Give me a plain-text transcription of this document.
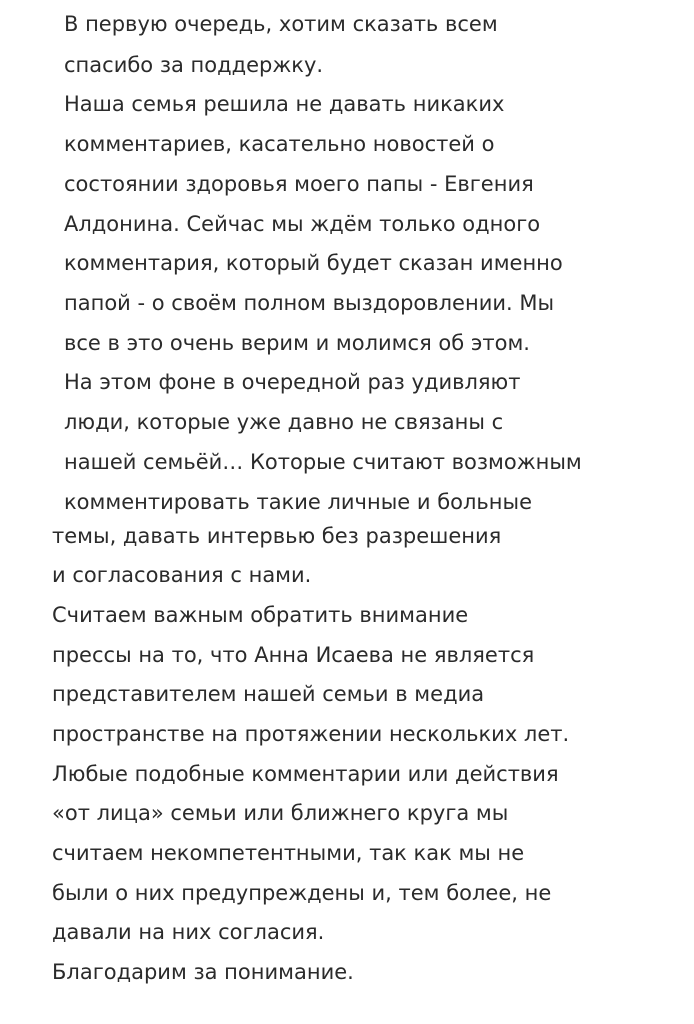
В первую очередь, хотим сказать всем
спасибо за поддержку.
Наша семья решила не давать никаких
комментариев, касательно новостей о
состоянии здоровья моего папы - Евгения
Алдонина. Сейчас мы ждём только одного
комментария, который будет сказан именно
папой - о своём полном выздоровлении. Мы
все в это очень верим и молимся об этом.
На этом фоне в очередной раз удивляют
люди, которые уже давно не связаны с
нашей семьёй… Которые считают возможным
комментировать такие личные и больные
темы, давать интервью без разрешения
и согласования с нами.
Считаем важным обратить внимание
прессы на то, что Анна Исаева не является
представителем нашей семьи в медиа
пространстве на протяжении нескольких лет.
Любые подобные комментарии или действия
«от лица» семьи или ближнего круга мы
считаем некомпетентными, так как мы не
были о них предупреждены и, тем более, не
давали на них согласия.
Благодарим за понимание.
